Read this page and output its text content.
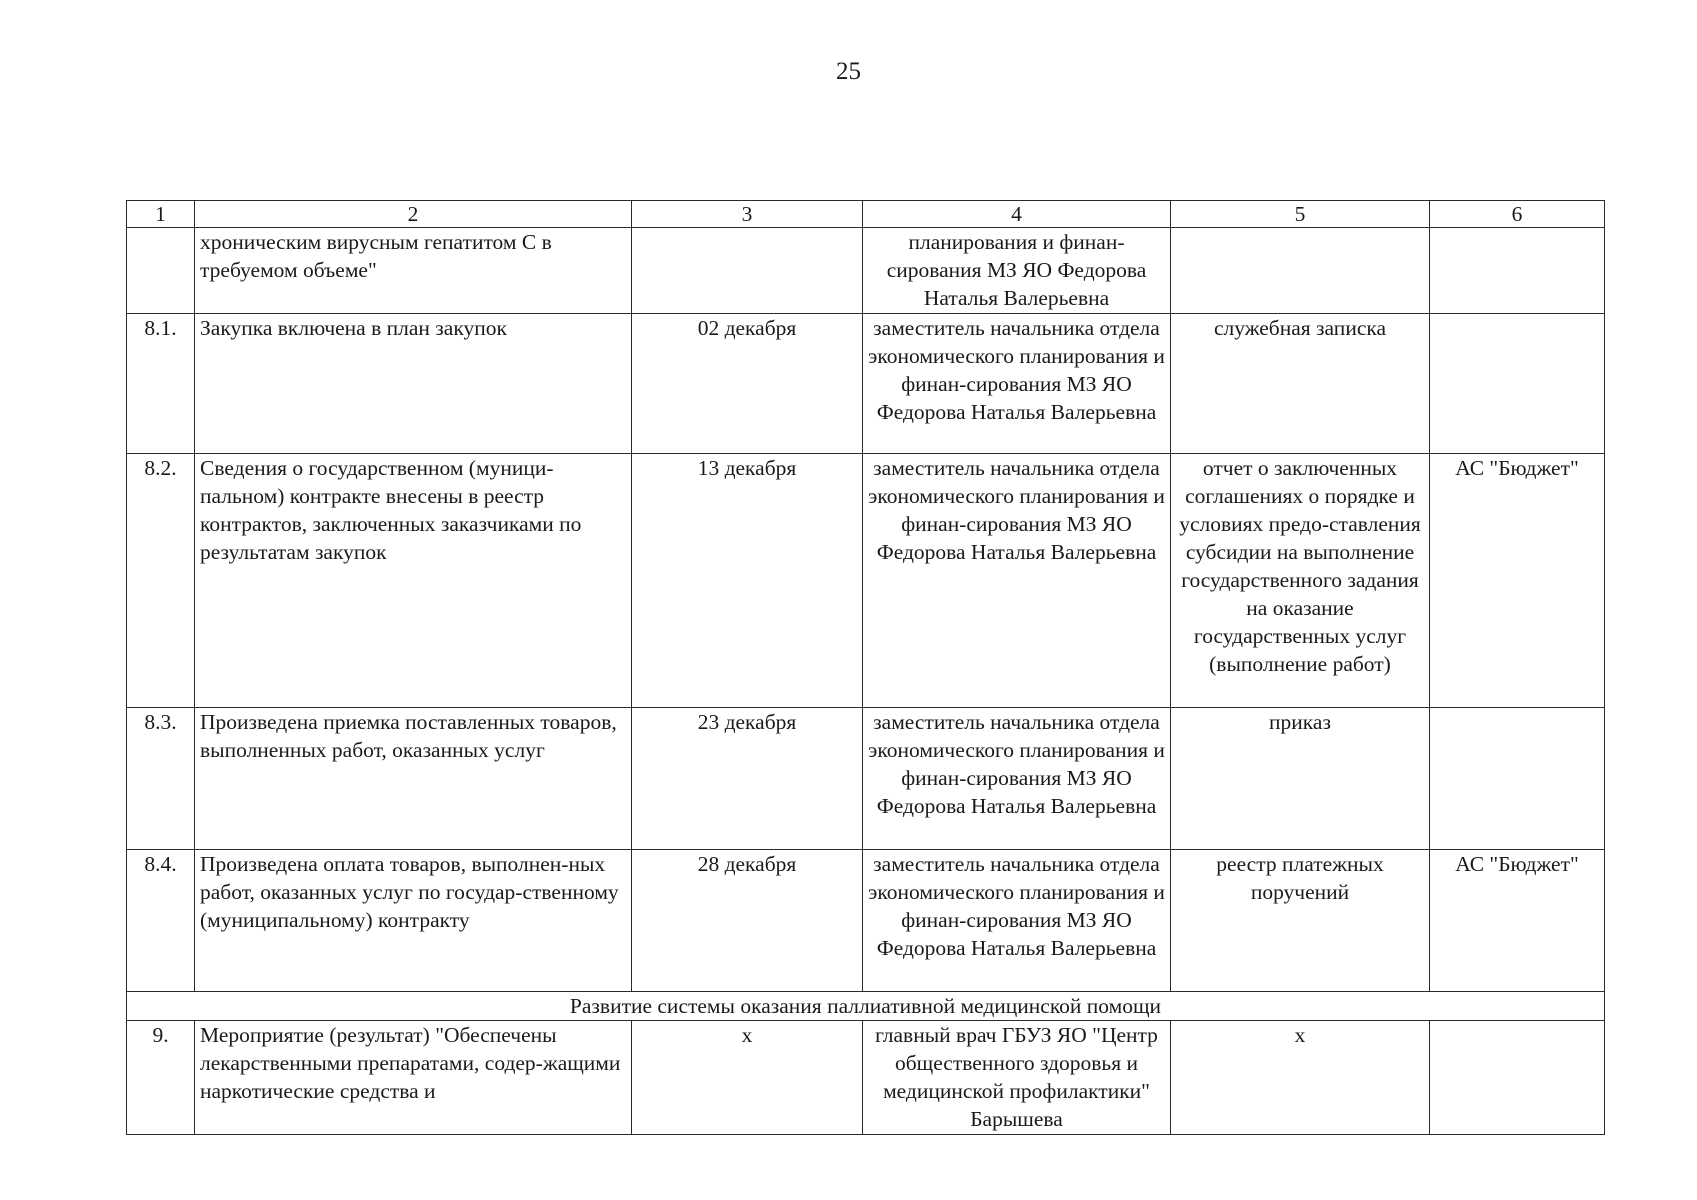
25
1	2	3	4	5	6
	хроническим вирусным гепатитом С в требуемом объеме"		планирования и финан-сирования МЗ ЯО Федорова Наталья Валерьевна		
8.1.	Закупка включена в план закупок	02 декабря	заместитель начальника отдела экономического планирования и финан-сирования МЗ ЯО Федорова Наталья Валерьевна	служебная записка	
8.2.	Сведения о государственном (муници-пальном) контракте внесены в реестр контрактов, заключенных заказчиками по результатам закупок	13 декабря	заместитель начальника отдела экономического планирования и финан-сирования МЗ ЯО Федорова Наталья Валерьевна	отчет о заключенных соглашениях о порядке и условиях предо-ставления субсидии на выполнение государственного задания на оказание государственных услуг (выполнение работ)	АС "Бюджет"
8.3.	Произведена приемка поставленных товаров, выполненных работ, оказанных услуг	23 декабря	заместитель начальника отдела экономического планирования и финан-сирования МЗ ЯО Федорова Наталья Валерьевна	приказ	
8.4.	Произведена оплата товаров, выполнен-ных работ, оказанных услуг по государ-ственному (муниципальному) контракту	28 декабря	заместитель начальника отдела экономического планирования и финан-сирования МЗ ЯО Федорова Наталья Валерьевна	реестр платежных поручений	АС "Бюджет"
Развитие системы оказания паллиативной медицинской помощи					
9.	Мероприятие (результат) "Обеспечены лекарственными препаратами, содер-жащими наркотические средства и	х	главный врач ГБУЗ ЯО "Центр общественного здоровья и медицинской профилактики" Барышева	х	
